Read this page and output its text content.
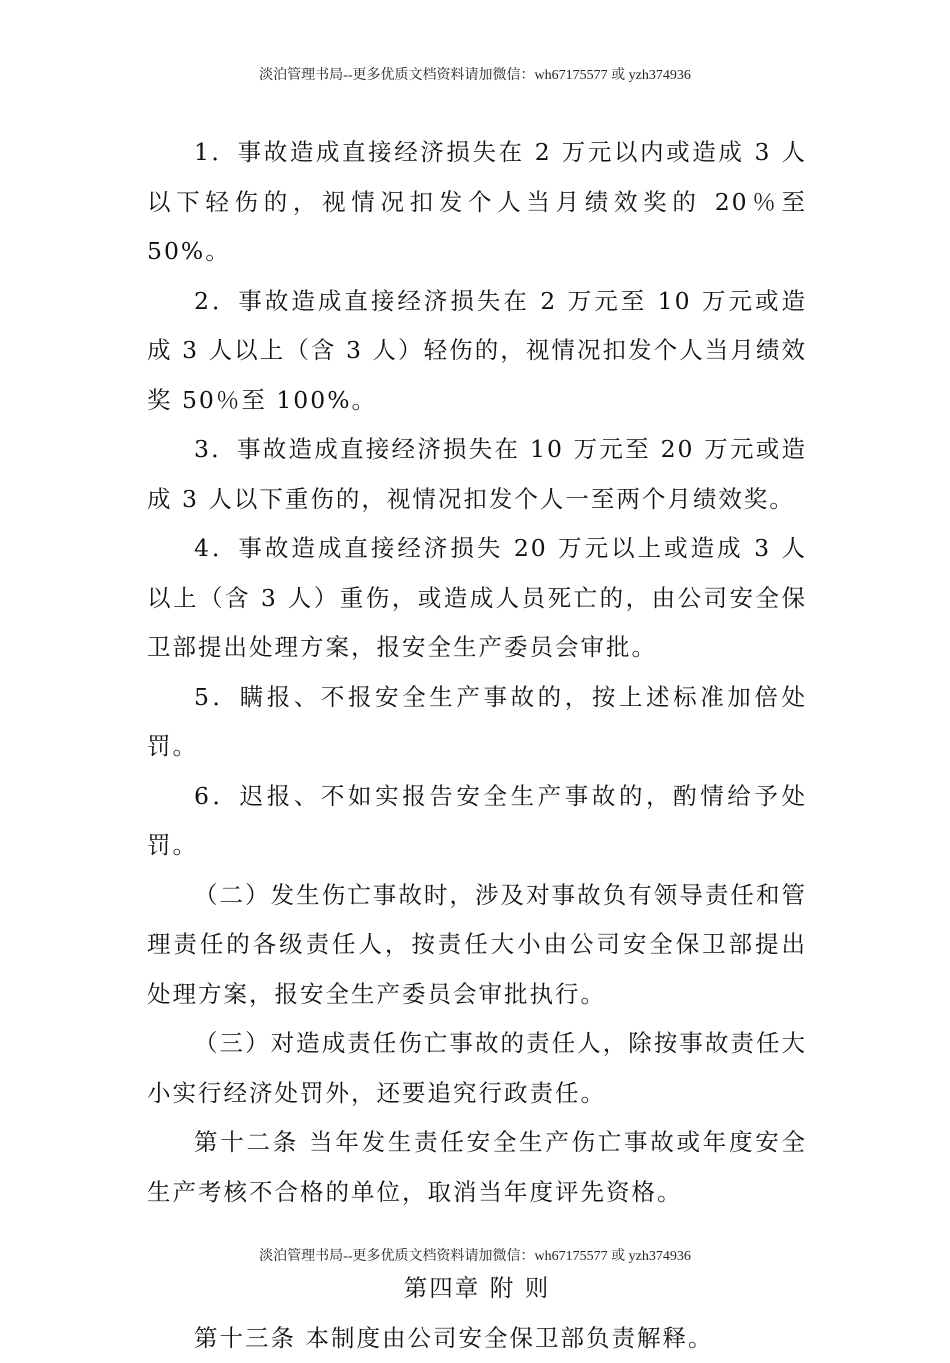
淡泊管理书局--更多优质文档资料请加微信：wh67175577 或 yzh374936

1．事故造成直接经济损失在 2 万元以内或造成 3 人以下轻伤的，视情况扣发个人当月绩效奖的 20％至 50%。

2．事故造成直接经济损失在 2 万元至 10 万元或造成 3 人以上（含 3 人）轻伤的，视情况扣发个人当月绩效奖 50％至 100%。

3．事故造成直接经济损失在 10 万元至 20 万元或造成 3 人以下重伤的，视情况扣发个人一至两个月绩效奖。

4．事故造成直接经济损失 20 万元以上或造成 3 人以上（含 3 人）重伤，或造成人员死亡的，由公司安全保卫部提出处理方案，报安全生产委员会审批。

5．瞒报、不报安全生产事故的，按上述标准加倍处罚。

6．迟报、不如实报告安全生产事故的，酌情给予处罚。

（二）发生伤亡事故时，涉及对事故负有领导责任和管理责任的各级责任人，按责任大小由公司安全保卫部提出处理方案，报安全生产委员会审批执行。

（三）对造成责任伤亡事故的责任人，除按事故责任大小实行经济处罚外，还要追究行政责任。

第十二条 当年发生责任安全生产伤亡事故或年度安全生产考核不合格的单位，取消当年度评先资格。

第四章 附 则

第十三条 本制度由公司安全保卫部负责解释。

淡泊管理书局--更多优质文档资料请加微信：wh67175577 或 yzh374936
